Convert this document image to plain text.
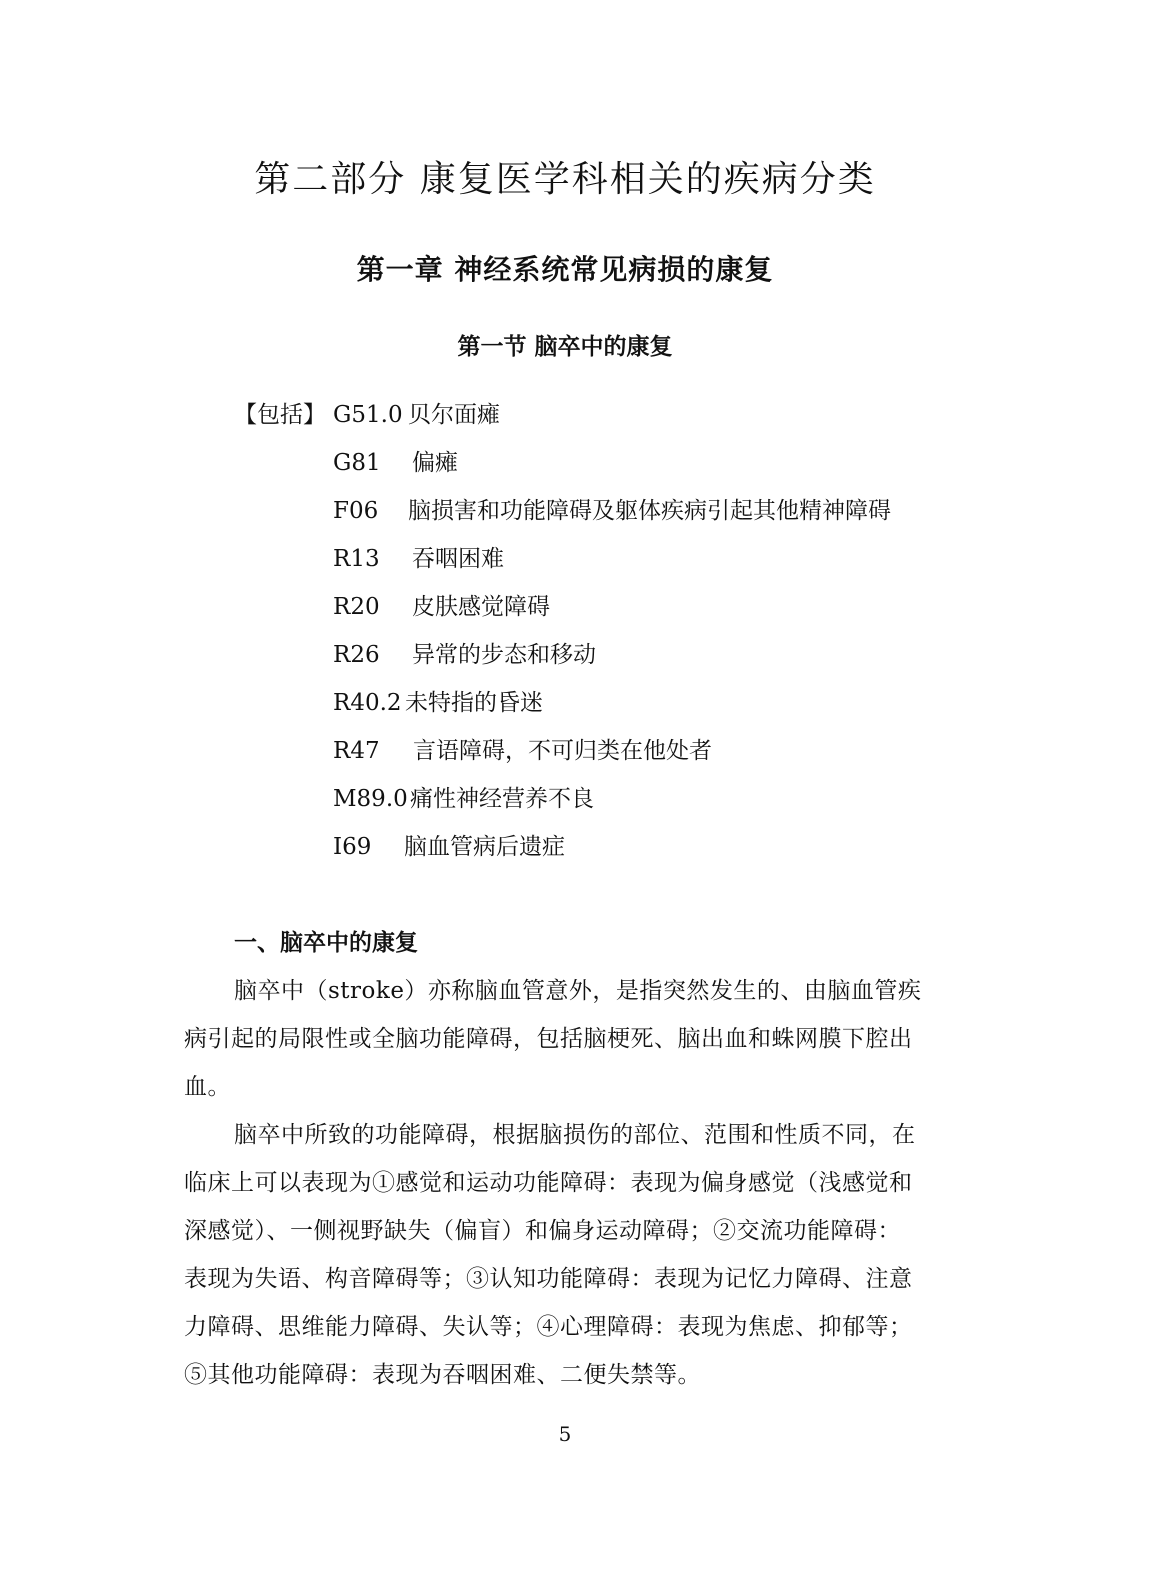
第二部分 康复医学科相关的疾病分类
第一章 神经系统常见病损的康复
第一节 脑卒中的康复
【包括】 G51.0 贝尔面瘫
G81 偏瘫
F06 脑损害和功能障碍及躯体疾病引起其他精神障碍
R13 吞咽困难
R20 皮肤感觉障碍
R26 异常的步态和移动
R40.2 未特指的昏迷
R47 言语障碍，不可归类在他处者
M89.0 痛性神经营养不良
I69 脑血管病后遗症
一、脑卒中的康复
脑卒中（stroke）亦称脑血管意外，是指突然发生的、由脑血管疾
病引起的局限性或全脑功能障碍，包括脑梗死、脑出血和蛛网膜下腔出
血。
脑卒中所致的功能障碍，根据脑损伤的部位、范围和性质不同，在
临床上可以表现为①感觉和运动功能障碍：表现为偏身感觉（浅感觉和
深感觉）、一侧视野缺失（偏盲）和偏身运动障碍；②交流功能障碍：
表现为失语、构音障碍等；③认知功能障碍：表现为记忆力障碍、注意
力障碍、思维能力障碍、失认等；④心理障碍：表现为焦虑、抑郁等；
⑤其他功能障碍：表现为吞咽困难、二便失禁等。
5
